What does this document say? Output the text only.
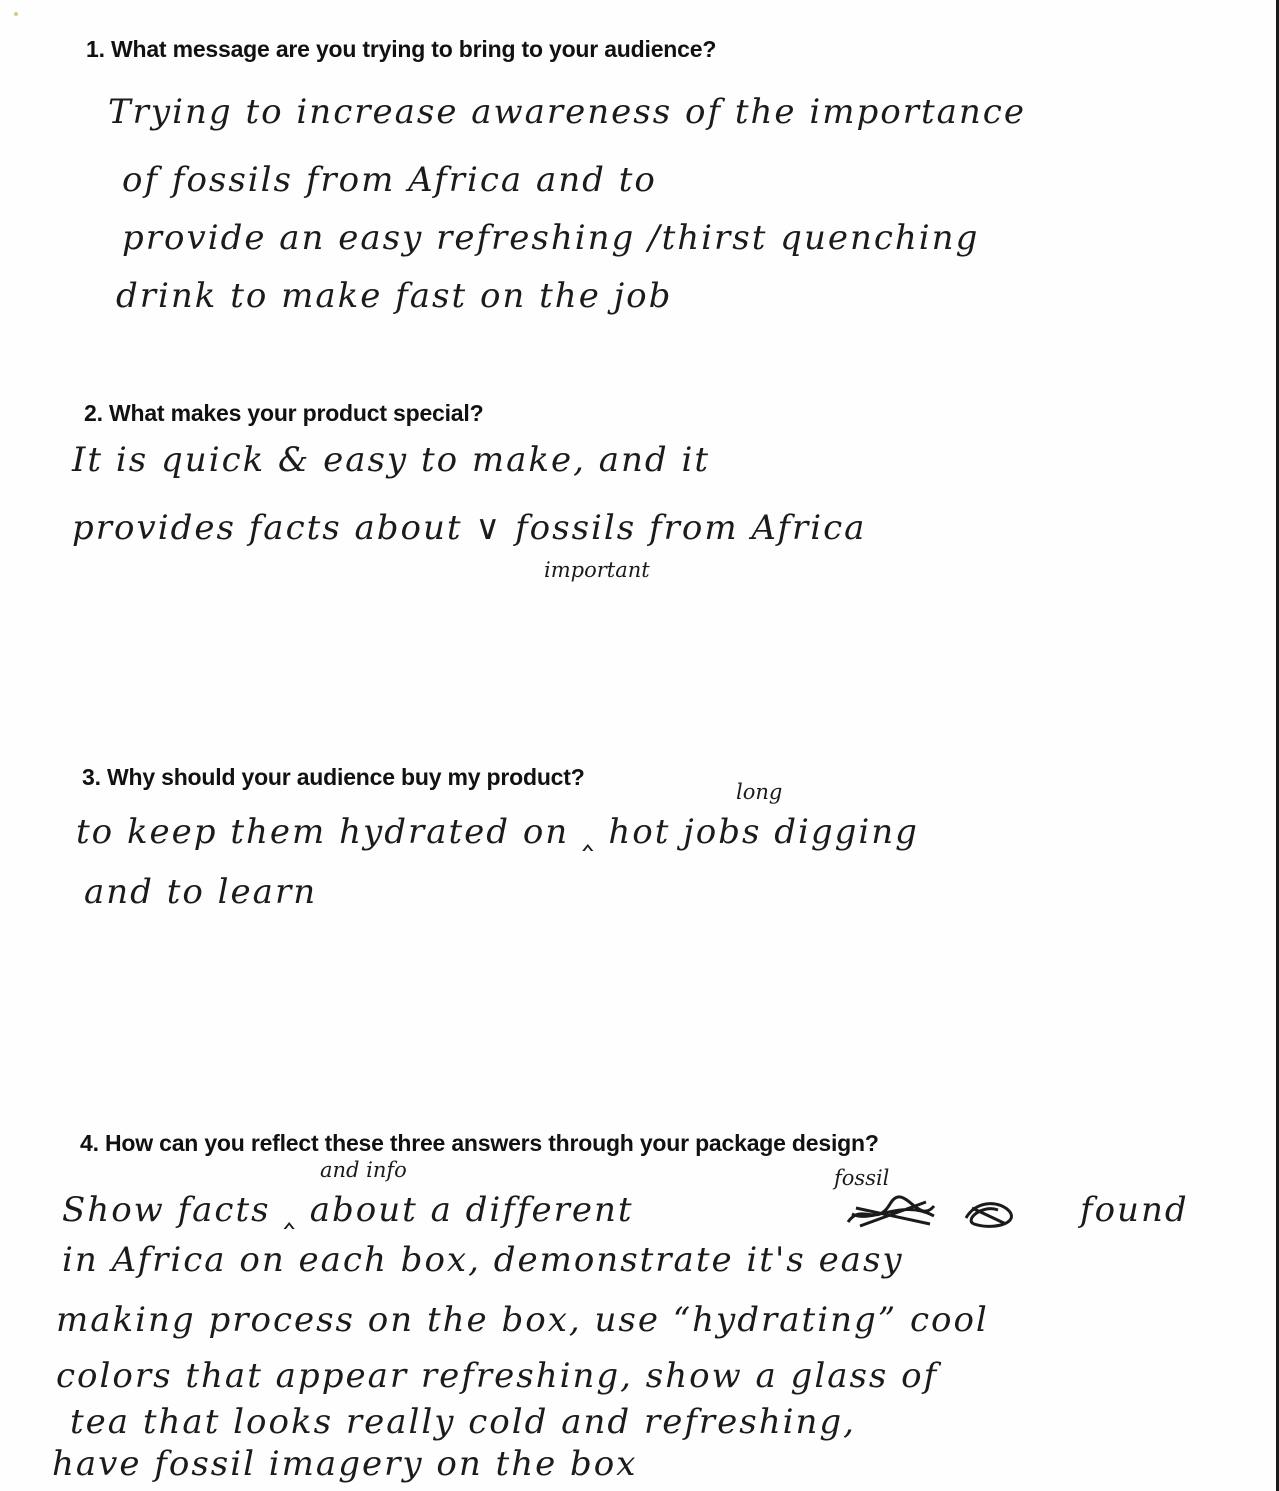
1. What message are you trying to bring to your audience?
Trying to increase awareness of the importance
of fossils from Africa and to
provide an easy refreshing /thirst quenching
drink to make fast on the job
2. What makes your product special?
It is quick & easy to make, and it
provides facts about ∨ fossils from Africa
important
3. Why should your audience buy my product?
long
to keep them hydrated on ‸ hot jobs digging
and to learn
4. How can you reflect these three answers through your package design?
and info	fossil
Show facts ‸ about a different	found
in Africa on each box, demonstrate it's easy
making process on the box, use “hydrating” cool
colors that appear refreshing, show a glass of
tea that looks really cold and refreshing,
have fossil imagery on the box
